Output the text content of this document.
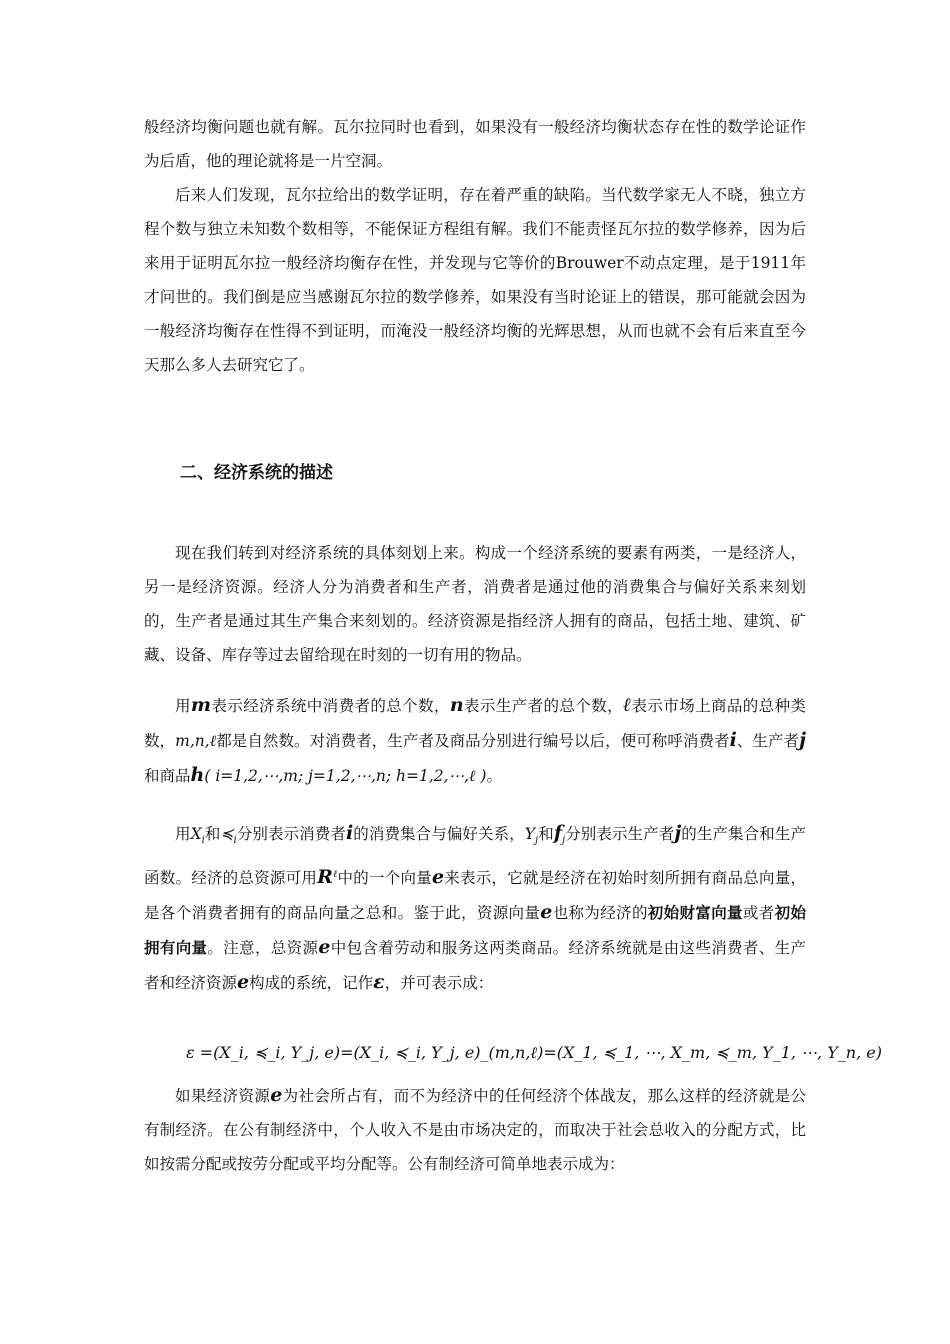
般经济均衡问题也就有解。瓦尔拉同时也看到，如果没有一般经济均衡状态存在性的数学论证作为后盾，他的理论就将是一片空洞。

后来人们发现，瓦尔拉给出的数学证明，存在着严重的缺陷。当代数学家无人不晓，独立方程个数与独立未知数个数相等，不能保证方程组有解。我们不能责怪瓦尔拉的数学修养，因为后来用于证明瓦尔拉一般经济均衡存在性，并发现与它等价的Brouwer不动点定理，是于1911年才问世的。我们倒是应当感谢瓦尔拉的数学修养，如果没有当时论证上的错误，那可能就会因为一般经济均衡存在性得不到证明，而淹没一般经济均衡的光辉思想，从而也就不会有后来直至今天那么多人去研究它了。

二、经济系统的描述

现在我们转到对经济系统的具体刻划上来。构成一个经济系统的要素有两类，一是经济人，另一是经济资源。经济人分为消费者和生产者，消费者是通过他的消费集合与偏好关系来刻划的，生产者是通过其生产集合来刻划的。经济资源是指经济人拥有的商品，包括土地、建筑、矿藏、设备、库存等过去留给现在时刻的一切有用的物品。

用m表示经济系统中消费者的总个数，n表示生产者的总个数，ℓ表示市场上商品的总种类数，m,n,ℓ都是自然数。对消费者，生产者及商品分别进行编号以后，便可称呼消费者i、生产者j和商品h( i=1,2,⋯,m; j=1,2,⋯,n; h=1,2,⋯,ℓ )。

用$X_i$和$≼_i$分别表示消费者i的消费集合与偏好关系，$Y_j$和$f_j$分别表示生产者j的生产集合和生产函数。经济的总资源可用$R^\ell$中的一个向量e来表示，它就是经济在初始时刻所拥有商品总向量，是各个消费者拥有的商品向量之总和。鉴于此，资源向量e也称为经济的初始财富向量或者初始拥有向量。注意，总资源e中包含着劳动和服务这两类商品。经济系统就是由这些消费者、生产者和经济资源e构成的系统，记作ε，并可表示成：

ε =(X_i, ≼_i, Y_j, e)=(X_i, ≼_i, Y_j, e)_(m,n,ℓ)=(X_1, ≼_1, ⋯, X_m, ≼_m, Y_1, ⋯, Y_n, e)

如果经济资源e为社会所占有，而不为经济中的任何经济个体战友，那么这样的经济就是公有制经济。在公有制经济中，个人收入不是由市场决定的，而取决于社会总收入的分配方式，比如按需分配或按劳分配或平均分配等。公有制经济可简单地表示成为：
